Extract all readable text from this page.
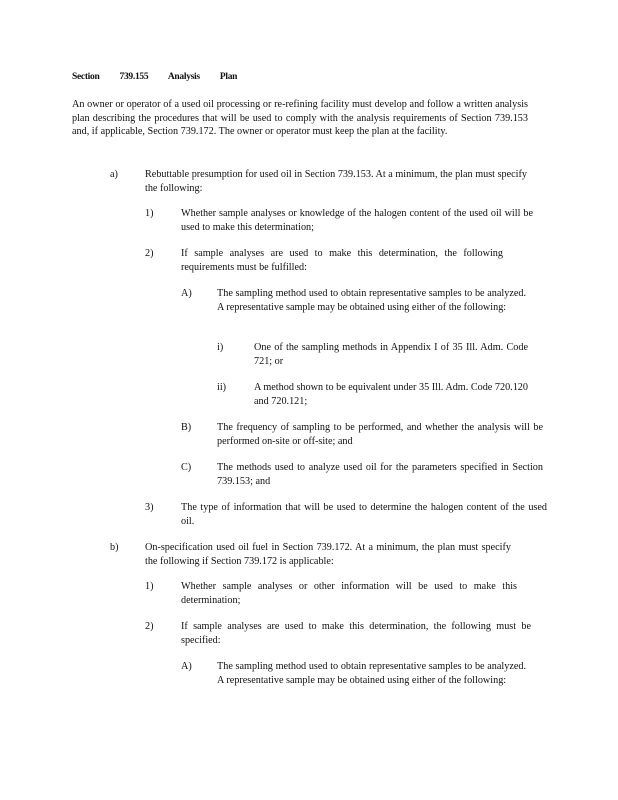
Section 739.155 Analysis Plan
An owner or operator of a used oil processing or re-refining facility must develop and follow a written analysis plan describing the procedures that will be used to comply with the analysis requirements of Section 739.153 and, if applicable, Section 739.172. The owner or operator must keep the plan at the facility.
a)	Rebuttable presumption for used oil in Section 739.153. At a minimum, the plan must specify the following:
1)	Whether sample analyses or knowledge of the halogen content of the used oil will be used to make this determination;
2)	If sample analyses are used to make this determination, the following requirements must be fulfilled:
A) The sampling method used to obtain representative samples to be analyzed. A representative sample may be obtained using either of the following:
i)	One of the sampling methods in Appendix I of 35 Ill. Adm. Code 721; or
ii)	A method shown to be equivalent under 35 Ill. Adm. Code 720.120 and 720.121;
B)	The frequency of sampling to be performed, and whether the analysis will be performed on-site or off-site; and
C)	The methods used to analyze used oil for the parameters specified in Section 739.153; and
3)	The type of information that will be used to determine the halogen content of the used oil.
b)	On-specification used oil fuel in Section 739.172. At a minimum, the plan must specify the following if Section 739.172 is applicable:
1)	Whether sample analyses or other information will be used to make this determination;
2)	If sample analyses are used to make this determination, the following must be specified:
A) The sampling method used to obtain representative samples to be analyzed. A representative sample may be obtained using either of the following:
